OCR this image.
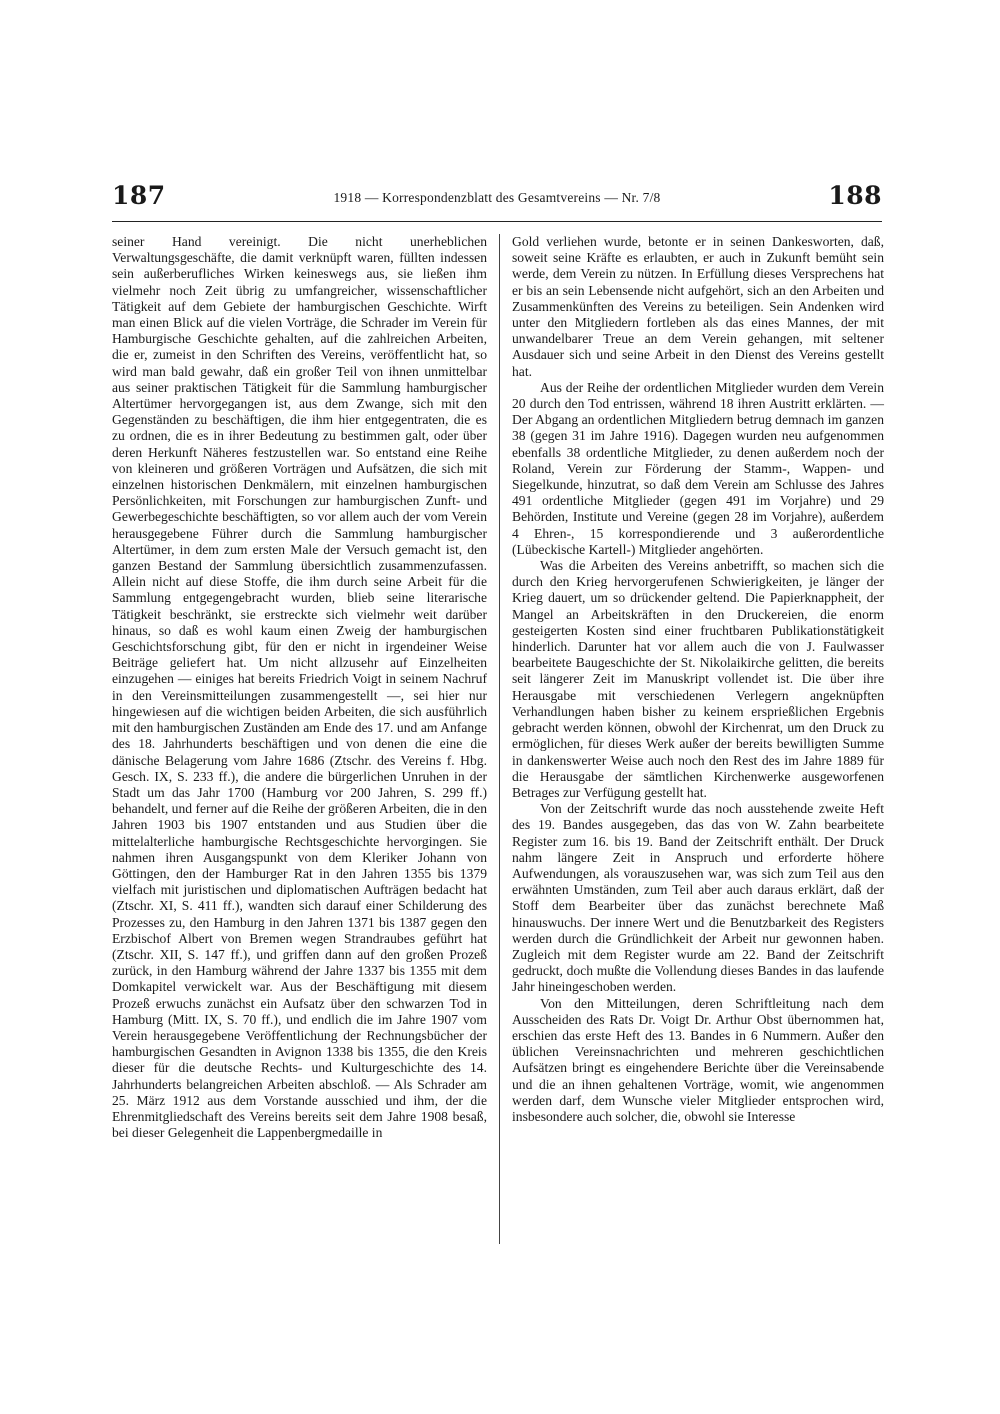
187	1918 — Korrespondenzblatt des Gesamtvereins — Nr. 7/8	188

seiner Hand vereinigt. Die nicht unerheblichen Verwaltungsgeschäfte, die damit verknüpft waren, füllten indessen sein außerberufliches Wirken keineswegs aus, sie ließen ihm vielmehr noch Zeit übrig zu umfangreicher, wissenschaftlicher Tätigkeit auf dem Gebiete der hamburgischen Geschichte. Wirft man einen Blick auf die vielen Vorträge, die Schrader im Verein für Hamburgische Geschichte gehalten, auf die zahlreichen Arbeiten, die er, zumeist in den Schriften des Vereins, veröffentlicht hat, so wird man bald gewahr, daß ein großer Teil von ihnen unmittelbar aus seiner praktischen Tätigkeit für die Sammlung hamburgischer Altertümer hervorgegangen ist, aus dem Zwange, sich mit den Gegenständen zu beschäftigen, die ihm hier entgegentraten, die es zu ordnen, die es in ihrer Bedeutung zu bestimmen galt, oder über deren Herkunft Näheres festzustellen war. So entstand eine Reihe von kleineren und größeren Vorträgen und Aufsätzen, die sich mit einzelnen historischen Denkmälern, mit einzelnen hamburgischen Persönlichkeiten, mit Forschungen zur hamburgischen Zunft- und Gewerbegeschichte beschäftigten, so vor allem auch der vom Verein herausgegebene Führer durch die Sammlung hamburgischer Altertümer, in dem zum ersten Male der Versuch gemacht ist, den ganzen Bestand der Sammlung übersichtlich zusammenzufassen. Allein nicht auf diese Stoffe, die ihm durch seine Arbeit für die Sammlung entgegengebracht wurden, blieb seine literarische Tätigkeit beschränkt, sie erstreckte sich vielmehr weit darüber hinaus, so daß es wohl kaum einen Zweig der hamburgischen Geschichtsforschung gibt, für den er nicht in irgendeiner Weise Beiträge geliefert hat. Um nicht allzusehr auf Einzelheiten einzugehen — einiges hat bereits Friedrich Voigt in seinem Nachruf in den Vereinsmitteilungen zusammengestellt —, sei hier nur hingewiesen auf die wichtigen beiden Arbeiten, die sich ausführlich mit den hamburgischen Zuständen am Ende des 17. und am Anfange des 18. Jahrhunderts beschäftigen und von denen die eine die dänische Belagerung vom Jahre 1686 (Ztschr. des Vereins f. Hbg. Gesch. IX, S. 233 ff.), die andere die bürgerlichen Unruhen in der Stadt um das Jahr 1700 (Hamburg vor 200 Jahren, S. 299 ff.) behandelt, und ferner auf die Reihe der größeren Arbeiten, die in den Jahren 1903 bis 1907 entstanden und aus Studien über die mittelalterliche hamburgische Rechtsgeschichte hervorgingen. Sie nahmen ihren Ausgangspunkt von dem Kleriker Johann von Göttingen, den der Hamburger Rat in den Jahren 1355 bis 1379 vielfach mit juristischen und diplomatischen Aufträgen bedacht hat (Ztschr. XI, S. 411 ff.), wandten sich darauf einer Schilderung des Prozesses zu, den Hamburg in den Jahren 1371 bis 1387 gegen den Erzbischof Albert von Bremen wegen Strandraubes geführt hat (Ztschr. XII, S. 147 ff.), und griffen dann auf den großen Prozeß zurück, in den Hamburg während der Jahre 1337 bis 1355 mit dem Domkapitel verwickelt war. Aus der Beschäftigung mit diesem Prozeß erwuchs zunächst ein Aufsatz über den schwarzen Tod in Hamburg (Mitt. IX, S. 70 ff.), und endlich die im Jahre 1907 vom Verein herausgegebene Veröffentlichung der Rechnungsbücher der hamburgischen Gesandten in Avignon 1338 bis 1355, die den Kreis dieser für die deutsche Rechts- und Kulturgeschichte des 14. Jahrhunderts belangreichen Arbeiten abschloß. — Als Schrader am 25. März 1912 aus dem Vorstande ausschied und ihm, der die Ehrenmitgliedschaft des Vereins bereits seit dem Jahre 1908 besaß, bei dieser Gelegenheit die Lappenbergmedaille in

Gold verliehen wurde, betonte er in seinen Dankesworten, daß, soweit seine Kräfte es erlaubten, er auch in Zukunft bemüht sein werde, dem Verein zu nützen. In Erfüllung dieses Versprechens hat er bis an sein Lebensende nicht aufgehört, sich an den Arbeiten und Zusammenkünften des Vereins zu beteiligen. Sein Andenken wird unter den Mitgliedern fortleben als das eines Mannes, der mit unwandelbarer Treue an dem Verein gehangen, mit seltener Ausdauer sich und seine Arbeit in den Dienst des Vereins gestellt hat.

Aus der Reihe der ordentlichen Mitglieder wurden dem Verein 20 durch den Tod entrissen, während 18 ihren Austritt erklärten. — Der Abgang an ordentlichen Mitgliedern betrug demnach im ganzen 38 (gegen 31 im Jahre 1916). Dagegen wurden neu aufgenommen ebenfalls 38 ordentliche Mitglieder, zu denen außerdem noch der Roland, Verein zur Förderung der Stamm-, Wappen- und Siegelkunde, hinzutrat, so daß dem Verein am Schlusse des Jahres 491 ordentliche Mitglieder (gegen 491 im Vorjahre) und 29 Behörden, Institute und Vereine (gegen 28 im Vorjahre), außerdem 4 Ehren-, 15 korrespondierende und 3 außerordentliche (Lübeckische Kartell-) Mitglieder angehörten.

Was die Arbeiten des Vereins anbetrifft, so machen sich die durch den Krieg hervorgerufenen Schwierigkeiten, je länger der Krieg dauert, um so drückender geltend. Die Papierknappheit, der Mangel an Arbeitskräften in den Druckereien, die enorm gesteigerten Kosten sind einer fruchtbaren Publikationstätigkeit hinderlich. Darunter hat vor allem auch die von J. Faulwasser bearbeitete Baugeschichte der St. Nikolaikirche gelitten, die bereits seit längerer Zeit im Manuskript vollendet ist. Die über ihre Herausgabe mit verschiedenen Verlegern angeknüpften Verhandlungen haben bisher zu keinem ersprießlichen Ergebnis gebracht werden können, obwohl der Kirchenrat, um den Druck zu ermöglichen, für dieses Werk außer der bereits bewilligten Summe in dankenswerter Weise auch noch den Rest des im Jahre 1889 für die Herausgabe der sämtlichen Kirchenwerke ausgeworfenen Betrages zur Verfügung gestellt hat.

Von der Zeitschrift wurde das noch ausstehende zweite Heft des 19. Bandes ausgegeben, das das von W. Zahn bearbeitete Register zum 16. bis 19. Band der Zeitschrift enthält. Der Druck nahm längere Zeit in Anspruch und erforderte höhere Aufwendungen, als vorauszusehen war, was sich zum Teil aus den erwähnten Umständen, zum Teil aber auch daraus erklärt, daß der Stoff dem Bearbeiter über das zunächst berechnete Maß hinauswuchs. Der innere Wert und die Benutzbarkeit des Registers werden durch die Gründlichkeit der Arbeit nur gewonnen haben. Zugleich mit dem Register wurde am 22. Band der Zeitschrift gedruckt, doch mußte die Vollendung dieses Bandes in das laufende Jahr hineingeschoben werden.

Von den Mitteilungen, deren Schriftleitung nach dem Ausscheiden des Rats Dr. Voigt Dr. Arthur Obst übernommen hat, erschien das erste Heft des 13. Bandes in 6 Nummern. Außer den üblichen Vereinsnachrichten und mehreren geschichtlichen Aufsätzen bringt es eingehendere Berichte über die Vereinsabende und die an ihnen gehaltenen Vorträge, womit, wie angenommen werden darf, dem Wunsche vieler Mitglieder entsprochen wird, insbesondere auch solcher, die, obwohl sie Interesse
